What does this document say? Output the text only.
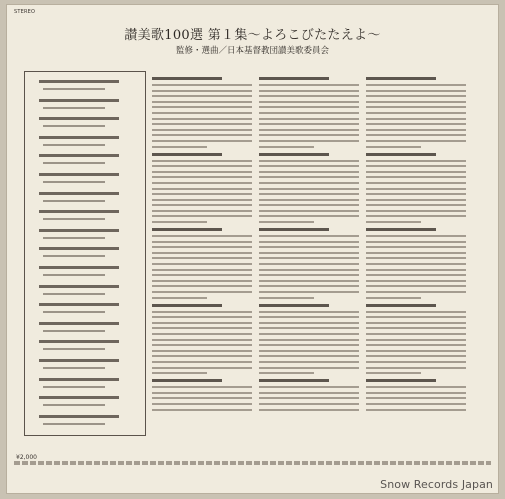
STEREO
讃美歌100選 第１集〜よろこびたたえよ〜
監修・選曲／日本基督教団讃美歌委員会
¥2,000
Snow Records Japan
